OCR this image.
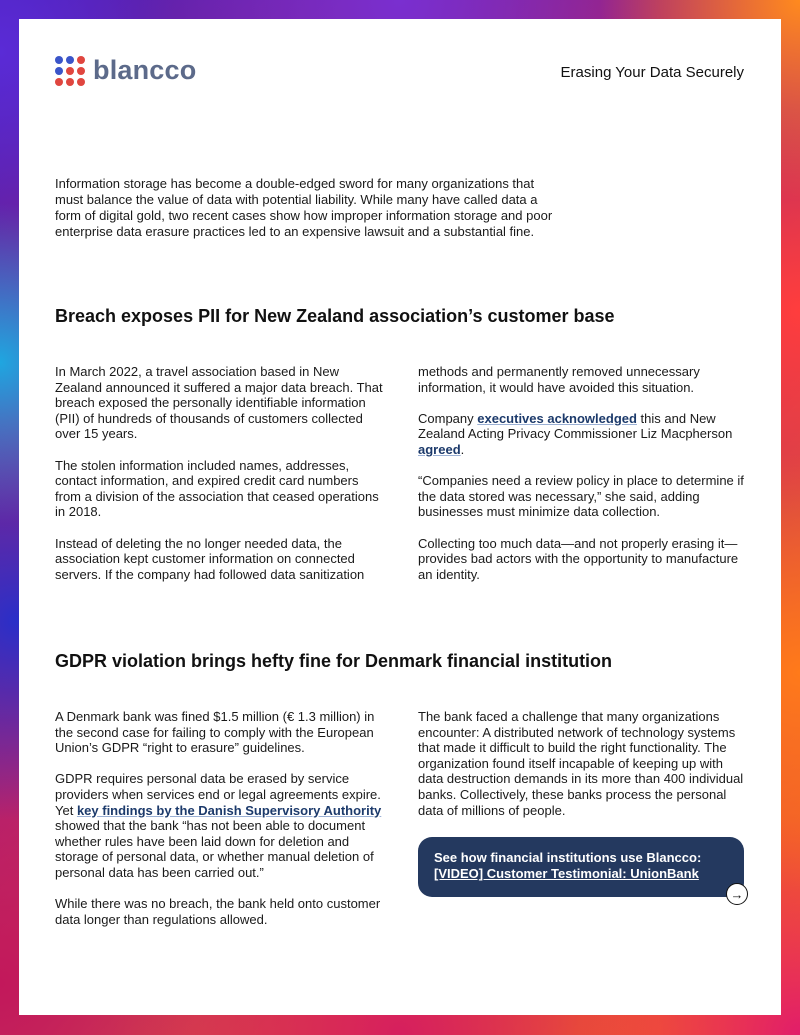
blancco	Erasing Your Data Securely

Information storage has become a double-edged sword for many organizations that must balance the value of data with potential liability. While many have called data a form of digital gold, two recent cases show how improper information storage and poor enterprise data erasure practices led to an expensive lawsuit and a substantial fine.

Breach exposes PII for New Zealand association’s customer base

In March 2022, a travel association based in New Zealand announced it suffered a major data breach. That breach exposed the personally identifiable information (PII) of hundreds of thousands of customers collected over 15 years.

The stolen information included names, addresses, contact information, and expired credit card numbers from a division of the association that ceased operations in 2018.

Instead of deleting the no longer needed data, the association kept customer information on connected servers. If the company had followed data sanitization

methods and permanently removed unnecessary information, it would have avoided this situation.

Company executives acknowledged this and New Zealand Acting Privacy Commissioner Liz Macpherson agreed.

“Companies need a review policy in place to determine if the data stored was necessary,” she said, adding businesses must minimize data collection.

Collecting too much data—and not properly erasing it—provides bad actors with the opportunity to manufacture an identity.

GDPR violation brings hefty fine for Denmark financial institution

A Denmark bank was fined $1.5 million (€ 1.3 million) in the second case for failing to comply with the European Union’s GDPR “right to erasure” guidelines.

GDPR requires personal data be erased by service providers when services end or legal agreements expire. Yet key findings by the Danish Supervisory Authority showed that the bank “has not been able to document whether rules have been laid down for deletion and storage of personal data, or whether manual deletion of personal data has been carried out.”

While there was no breach, the bank held onto customer data longer than regulations allowed.

The bank faced a challenge that many organizations encounter: A distributed network of technology systems that made it difficult to build the right functionality. The organization found itself incapable of keeping up with data destruction demands in its more than 400 individual banks. Collectively, these banks process the personal data of millions of people.

See how financial institutions use Blancco:
[VIDEO] Customer Testimonial: UnionBank
→
